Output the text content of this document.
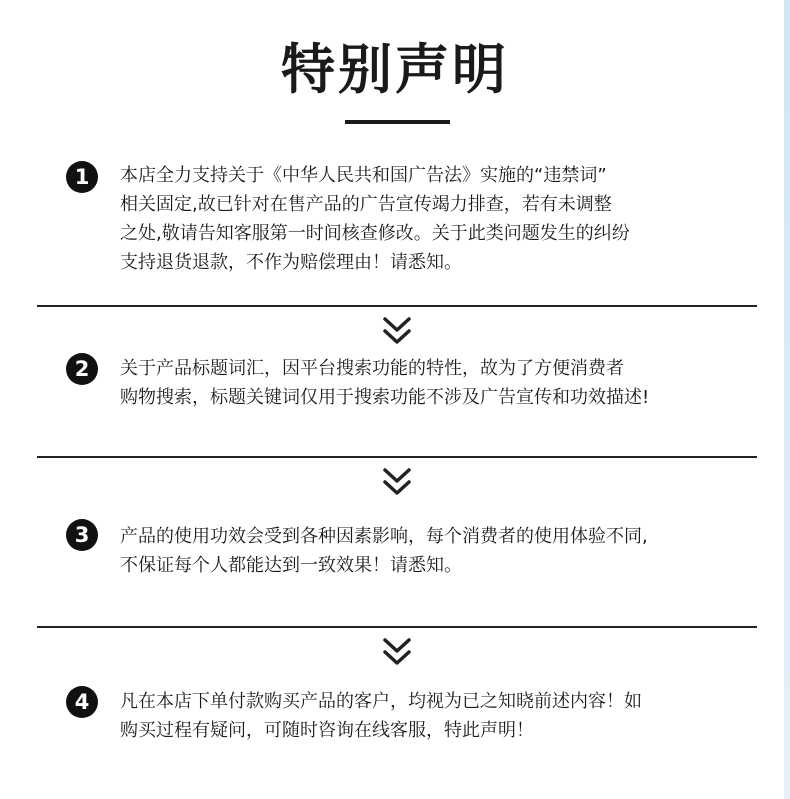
特别声明
1	本店全力支持关于《中华人民共和国广告法》实施的“违禁词”
相关固定,故已针对在售产品的广告宣传竭力排查，若有未调整
之处,敬请告知客服第一时间核查修改。关于此类问题发生的纠纷
支持退货退款，不作为赔偿理由！请悉知。
2	关于产品标题词汇，因平台搜索功能的特性，故为了方便消费者
购物搜索，标题关键词仅用于搜索功能不涉及广告宣传和功效描述!
3	产品的使用功效会受到各种因素影响，每个消费者的使用体验不同,
不保证每个人都能达到一致效果！请悉知。
4	凡在本店下单付款购买产品的客户，均视为已之知晓前述内容！如
购买过程有疑问，可随时咨询在线客服，特此声明！
